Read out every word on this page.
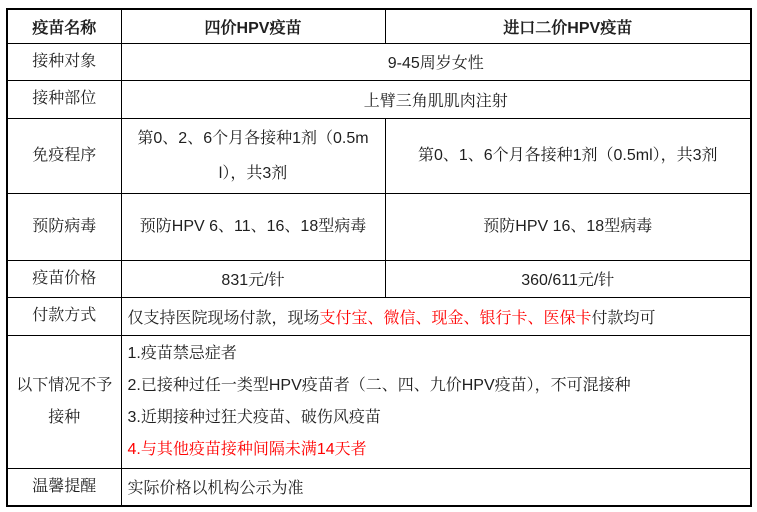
疫苗名称	四价HPV疫苗	进口二价HPV疫苗
接种对象	9-45周岁女性	
接种部位	上臂三角肌肌肉注射	
免疫程序	第0、2、6个月各接种1剂（0.5ml），共3剂	第0、1、6个月各接种1剂（0.5ml），共3剂
预防病毒	预防HPV 6、11、16、18型病毒	预防HPV 16、18型病毒
疫苗价格	831元/针	360/611元/针
付款方式	仅支持医院现场付款，现场支付宝、微信、现金、银行卡、医保卡付款均可	
以下情况不予接种	1.疫苗禁忌症者
2.已接种过任一类型HPV疫苗者（二、四、九价HPV疫苗），不可混接种
3.近期接种过狂犬疫苗、破伤风疫苗
4.与其他疫苗接种间隔未满14天者	

温馨提醒	实际价格以机构公示为准	
